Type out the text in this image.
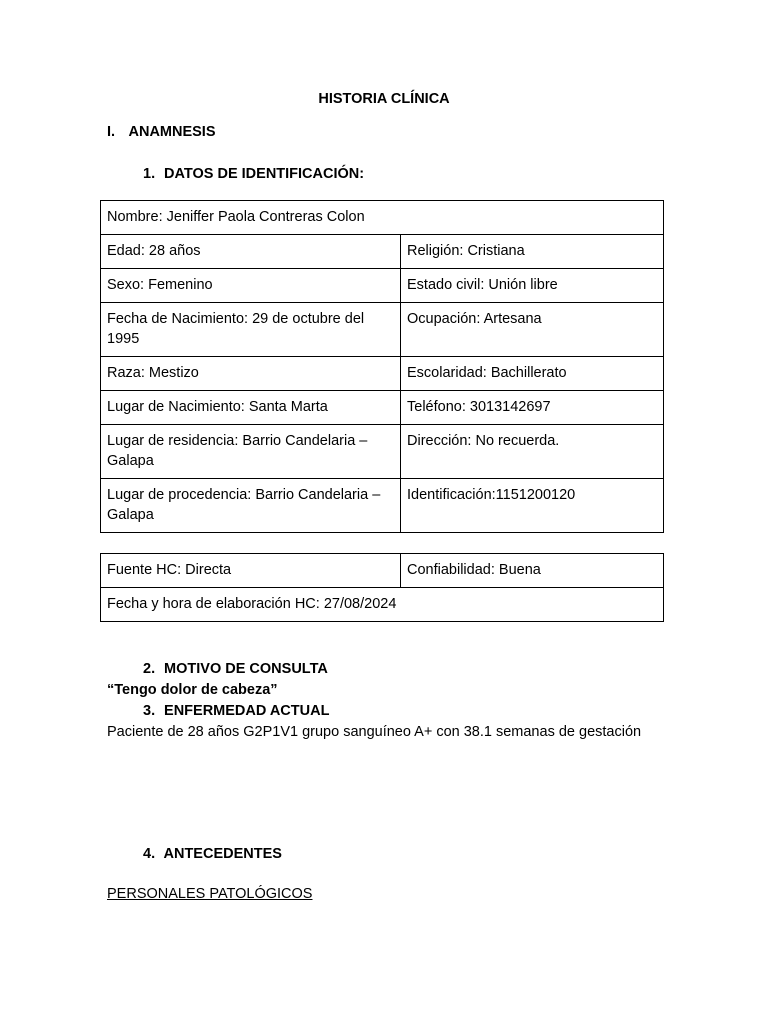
HISTORIA CLÍNICA
I. ANAMNESIS
1. DATOS DE IDENTIFICACIÓN:
Nombre: Jeniffer Paola Contreras Colon	
Edad: 28 años	Religión: Cristiana
Sexo: Femenino	Estado civil: Unión libre
Fecha de Nacimiento: 29 de octubre del 1995	Ocupación: Artesana
Raza: Mestizo	Escolaridad: Bachillerato
Lugar de Nacimiento: Santa Marta	Teléfono: 3013142697
Lugar de residencia: Barrio Candelaria – Galapa	Dirección: No recuerda.
Lugar de procedencia: Barrio Candelaria – Galapa	Identificación:1151200120
Fuente HC: Directa	Confiabilidad: Buena
Fecha y hora de elaboración HC: 27/08/2024
2. MOTIVO DE CONSULTA
“Tengo dolor de cabeza”
3. ENFERMEDAD ACTUAL
Paciente de 28 años G2P1V1 grupo sanguíneo A+ con 38.1 semanas de gestación
4. ANTECEDENTES
PERSONALES PATOLÓGICOS
